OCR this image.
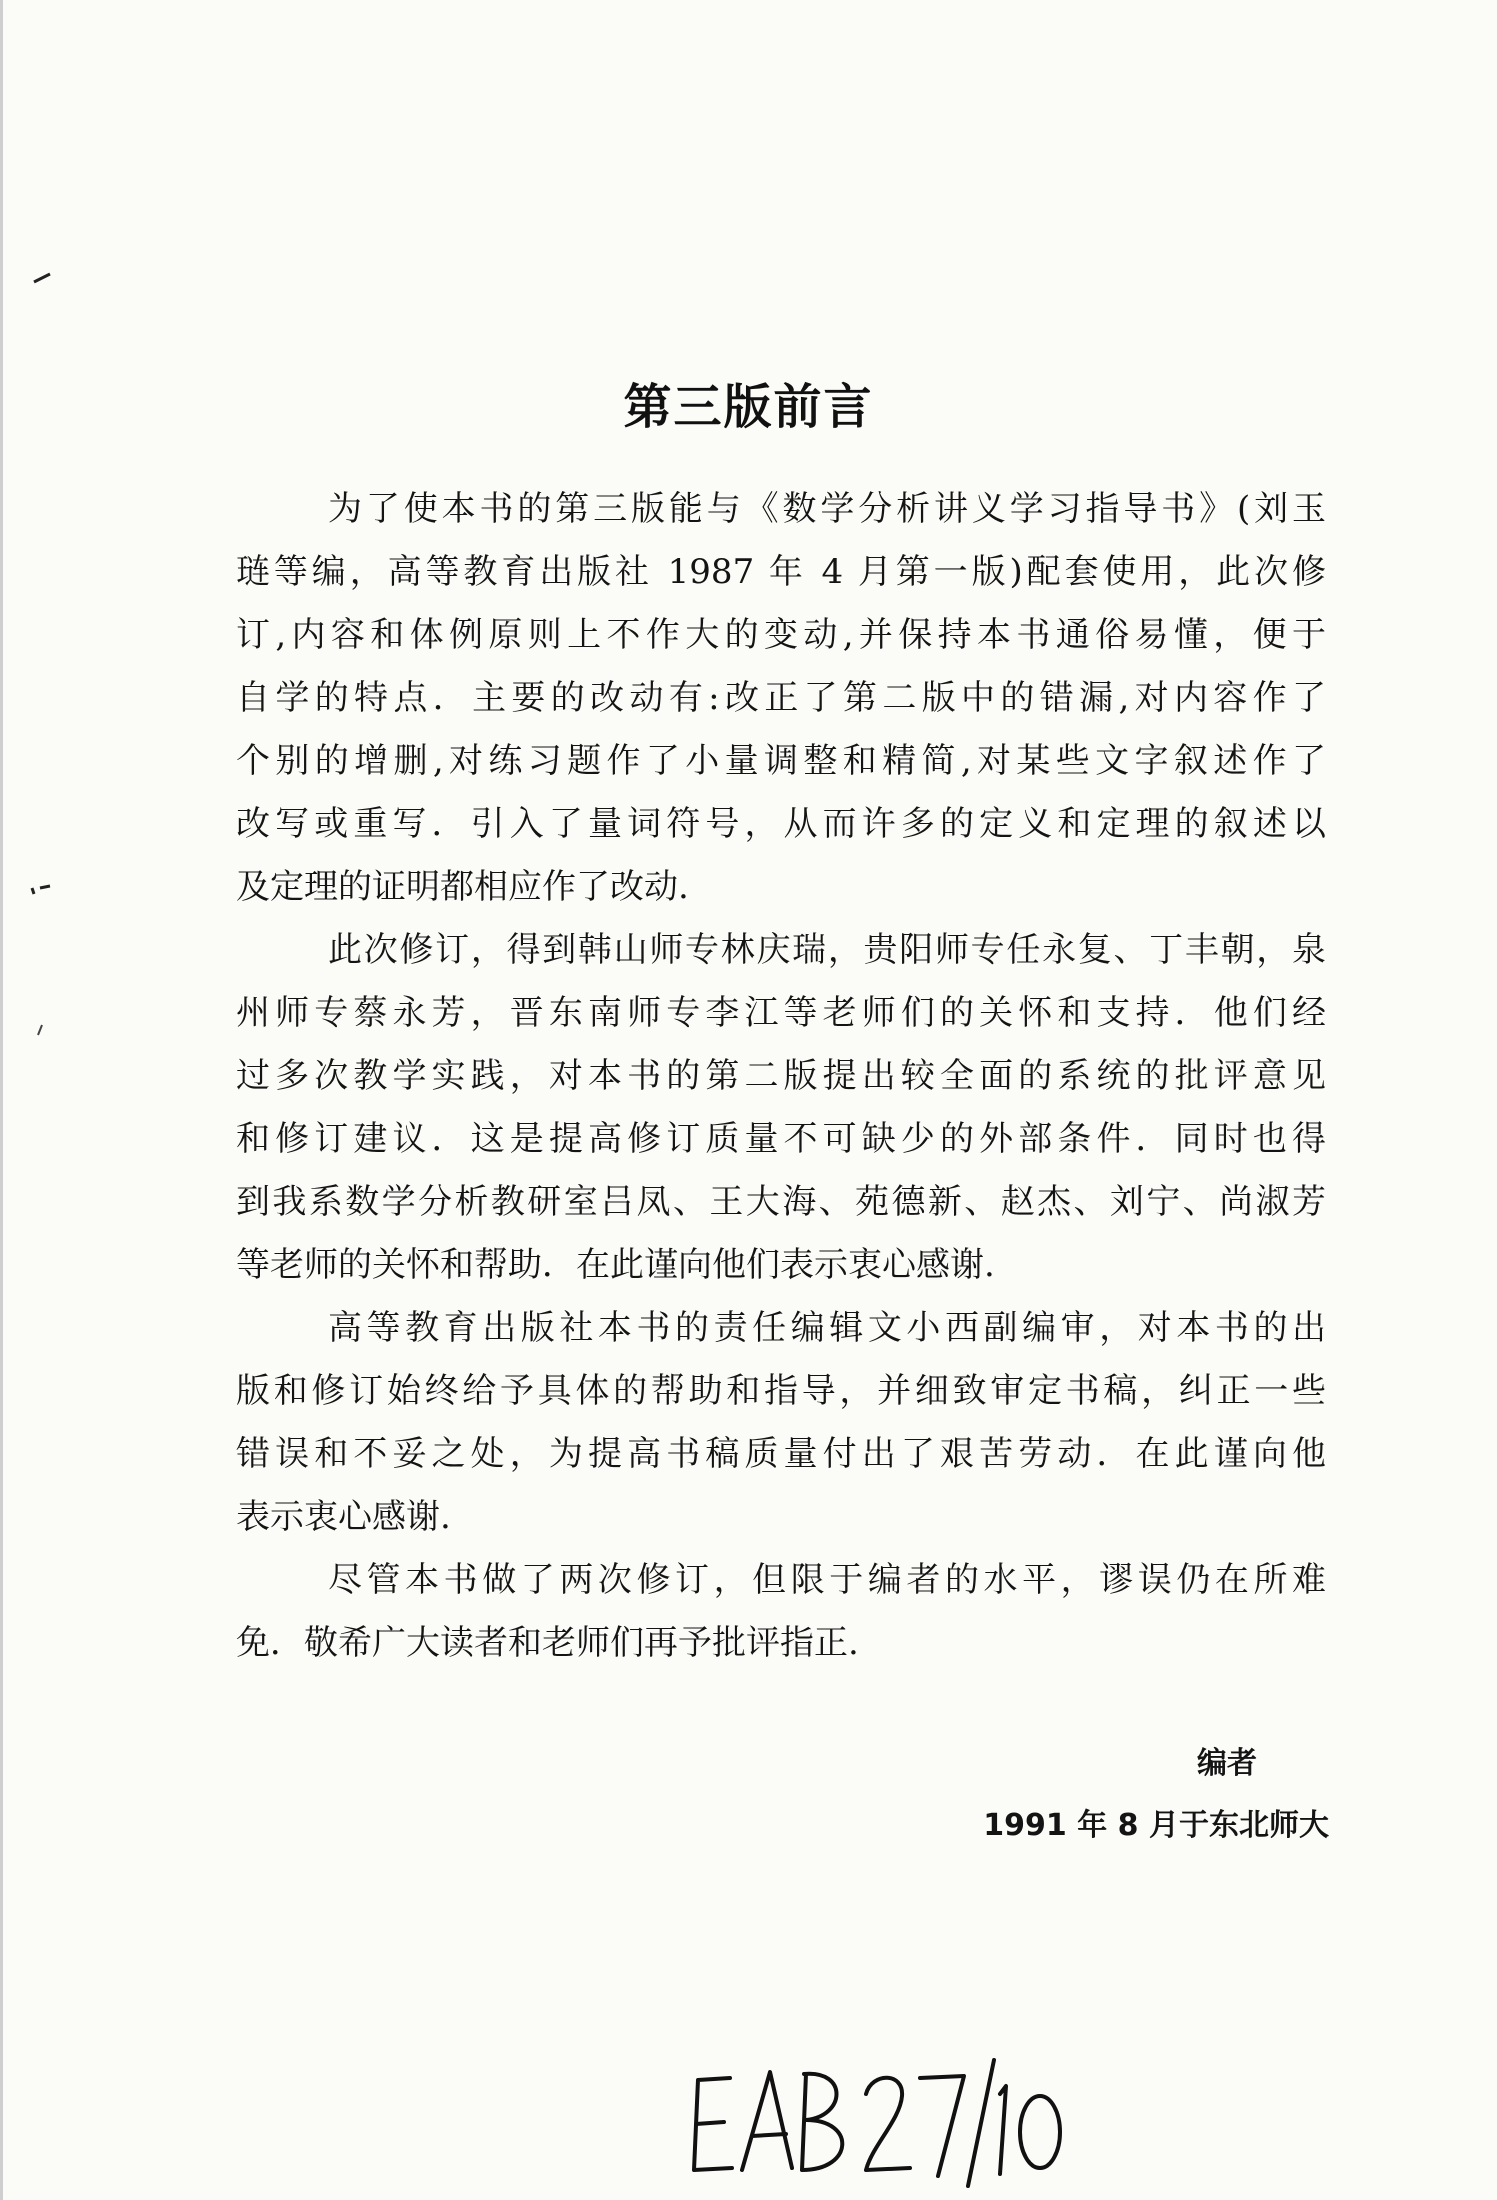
第三版前言
为了使本书的第三版能与《数学分析讲义学习指导书》(刘玉
琏等编，高等教育出版社 1987 年 4 月第一版)配套使用，此次修
订,内容和体例原则上不作大的变动,并保持本书通俗易懂，便于
自学的特点．主要的改动有:改正了第二版中的错漏,对内容作了
个别的增删,对练习题作了小量调整和精简,对某些文字叙述作了
改写或重写．引入了量词符号，从而许多的定义和定理的叙述以
及定理的证明都相应作了改动.
此次修订，得到韩山师专林庆瑞，贵阳师专任永复、丁丰朝，泉
州师专蔡永芳，晋东南师专李江等老师们的关怀和支持．他们经
过多次教学实践，对本书的第二版提出较全面的系统的批评意见
和修订建议．这是提高修订质量不可缺少的外部条件．同时也得
到我系数学分析教研室吕凤、王大海、苑德新、赵杰、刘宁、尚淑芳
等老师的关怀和帮助．在此谨向他们表示衷心感谢.
高等教育出版社本书的责任编辑文小西副编审，对本书的出
版和修订始终给予具体的帮助和指导，并细致审定书稿，纠正一些
错误和不妥之处，为提高书稿质量付出了艰苦劳动．在此谨向他
表示衷心感谢.
尽管本书做了两次修订，但限于编者的水平，谬误仍在所难
免．敬希广大读者和老师们再予批评指正.
编者
1991 年 8 月于东北师大
